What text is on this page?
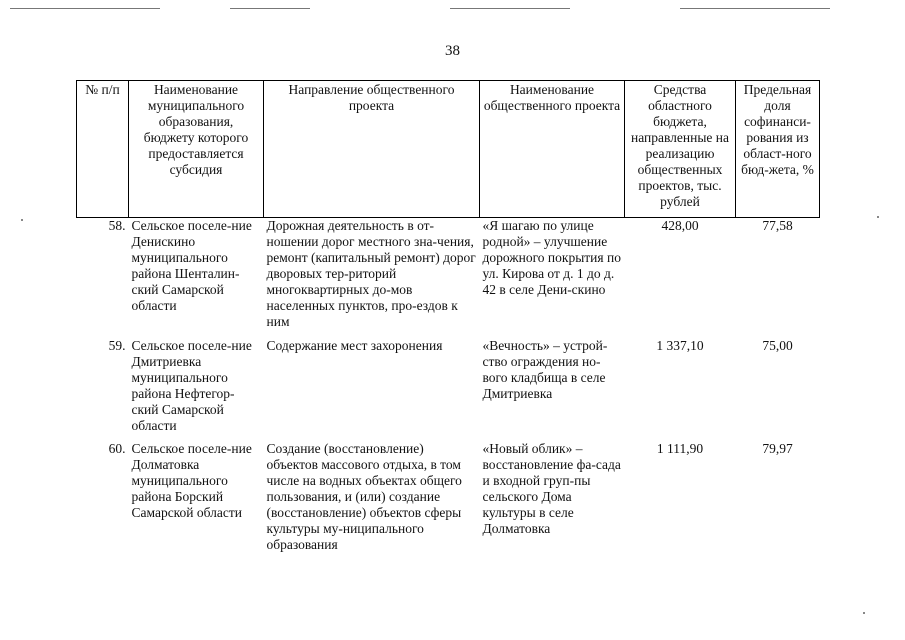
38
№ п/п	Наименование муниципального образования, бюджету которого предоставляется субсидия	Направление общественного проекта	Наименование общественного проекта	Средства областного бюджета, направленные на реализацию общественных проектов, тыс. рублей	Предельная доля софинанси-рования из област-ного бюд-жета, %
58.	Сельское поселе-ние Денискино муниципального района Шенталин-ский Самарской области	Дорожная деятельность в от-ношении дорог местного зна-чения, ремонт (капитальный ремонт) дорог дворовых тер-риторий многоквартирных до-мов населенных пунктов, про-ездов к ним	«Я шагаю по улице родной» – улучшение дорожного покрытия по ул. Кирова от д. 1 до д. 42 в селе Дени-скино	428,00	77,58
59.	Сельское поселе-ние Дмитриевка муниципального района Нефтегор-ский Самарской области	Содержание мест захоронения	«Вечность» – устрой-ство ограждения но-вого кладбища в селе Дмитриевка	1 337,10	75,00
60.	Сельское поселе-ние Долматовка муниципального района Борский Самарской области	Создание (восстановление) объектов массового отдыха, в том числе на водных объектах общего пользования, и (или) создание (восстановление) объектов сферы культуры му-ниципального образования	«Новый облик» – восстановление фа-сада и входной груп-пы сельского Дома культуры в селе Долматовка	1 111,90	79,97
